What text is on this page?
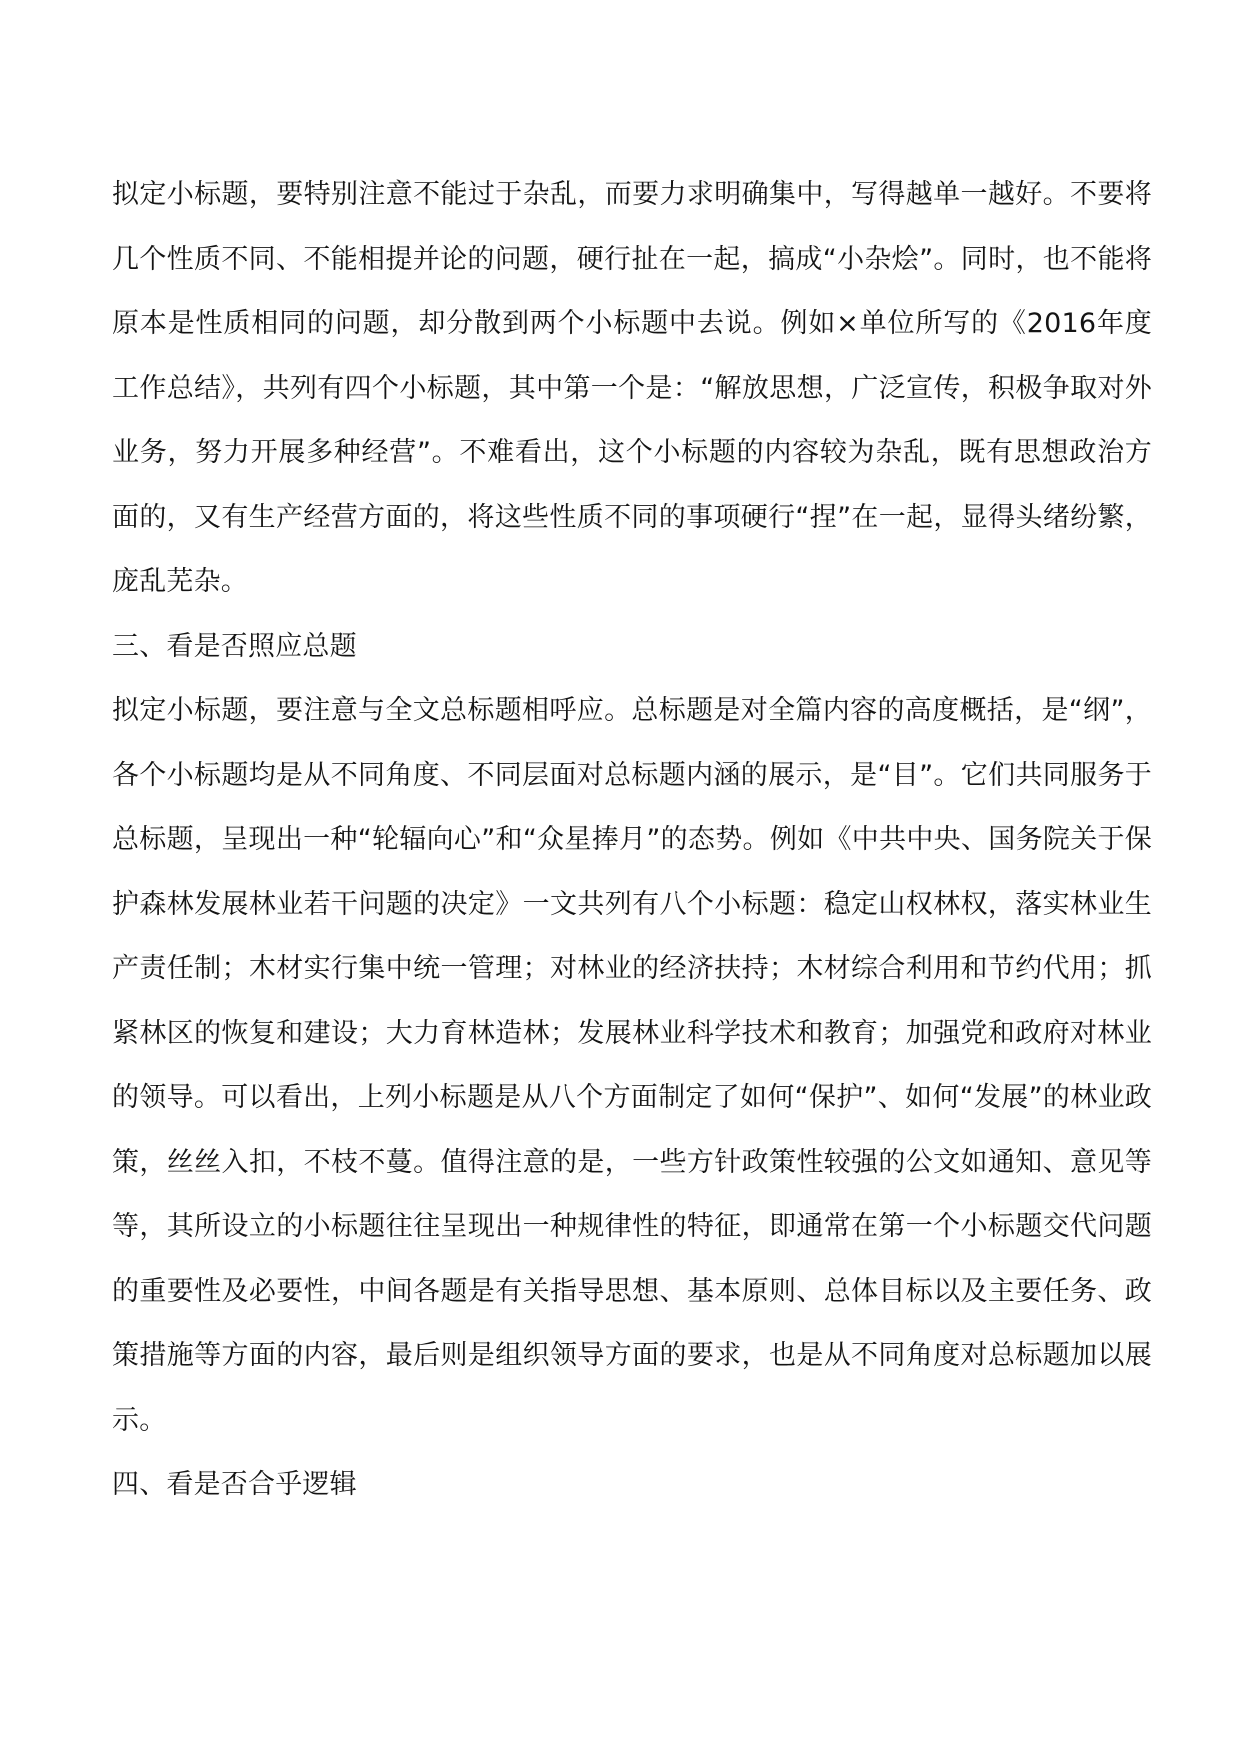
拟定小标题，要特别注意不能过于杂乱，而要力求明确集中，写得越单一越好。不要将几个性质不同、不能相提并论的问题，硬行扯在一起，搞成“小杂烩”。同时，也不能将原本是性质相同的问题，却分散到两个小标题中去说。例如×单位所写的《2016年度工作总结》，共列有四个小标题，其中第一个是：“解放思想，广泛宣传，积极争取对外业务，努力开展多种经营”。不难看出，这个小标题的内容较为杂乱，既有思想政治方面的，又有生产经营方面的，将这些性质不同的事项硬行“捏”在一起，显得头绪纷繁，庞乱芜杂。

三、看是否照应总题

拟定小标题，要注意与全文总标题相呼应。总标题是对全篇内容的高度概括，是“纲”，各个小标题均是从不同角度、不同层面对总标题内涵的展示，是“目”。它们共同服务于总标题，呈现出一种“轮辐向心”和“众星捧月”的态势。例如《中共中央、国务院关于保护森林发展林业若干问题的决定》一文共列有八个小标题：稳定山权林权，落实林业生产责任制；木材实行集中统一管理；对林业的经济扶持；木材综合利用和节约代用；抓紧林区的恢复和建设；大力育林造林；发展林业科学技术和教育；加强党和政府对林业的领导。可以看出，上列小标题是从八个方面制定了如何“保护”、如何“发展”的林业政策，丝丝入扣，不枝不蔓。值得注意的是，一些方针政策性较强的公文如通知、意见等等，其所设立的小标题往往呈现出一种规律性的特征，即通常在第一个小标题交代问题的重要性及必要性，中间各题是有关指导思想、基本原则、总体目标以及主要任务、政策措施等方面的内容，最后则是组织领导方面的要求，也是从不同角度对总标题加以展示。

四、看是否合乎逻辑
